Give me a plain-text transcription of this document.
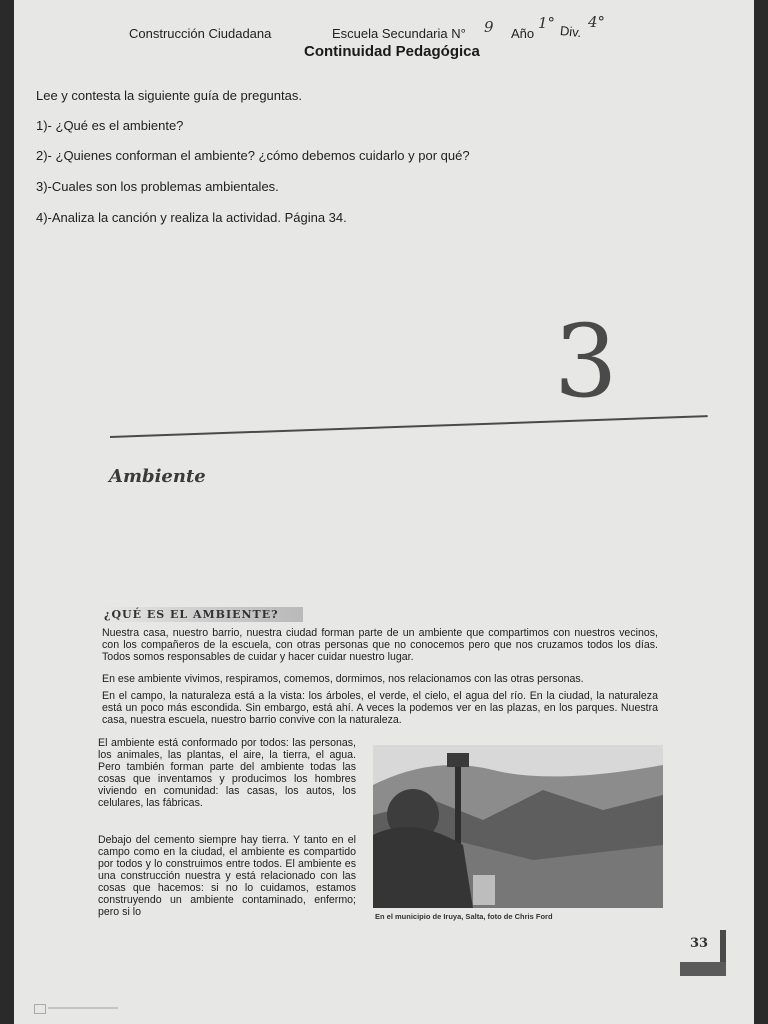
Construcción Ciudadana	Escuela Secundaria N° 9 Año
1° Div.
4°
Continuidad Pedagógica
Lee y contesta la siguiente guía de preguntas.
1)- ¿Qué es el ambiente?
2)- ¿Quienes conforman el ambiente? ¿cómo debemos cuidarlo y por qué?
3)-Cuales son los problemas ambientales.
4)-Analiza la canción y realiza la actividad. Página 34.
3
Ambiente
¿QUÉ ES EL AMBIENTE?
Nuestra casa, nuestro barrio, nuestra ciudad forman parte de un ambiente que compartimos con nuestros vecinos, con los compañeros de la escuela, con otras personas que no conocemos pero que nos cruzamos todos los días. Todos somos responsables de cuidar y hacer cuidar nuestro lugar.
En ese ambiente vivimos, respiramos, comemos, dormimos, nos relacionamos con las otras personas.
En el campo, la naturaleza está a la vista: los árboles, el verde, el cielo, el agua del río. En la ciudad, la naturaleza está un poco más escondida. Sin embargo, está ahí. A veces la podemos ver en las plazas, en los parques. Nuestra casa, nuestra escuela, nuestro barrio convive con la naturaleza.
El ambiente está conformado por todos: las personas, los animales, las plantas, el aire, la tierra, el agua. Pero también forman parte del ambiente todas las cosas que inventamos y producimos los hombres viviendo en comunidad: las casas, los autos, los celulares, las fábricas.
Debajo del cemento siempre hay tierra. Y tanto en el campo como en la ciudad, el ambiente es compartido por todos y lo construimos entre todos. El ambiente es una construcción nuestra y está relacionado con las cosas que hacemos: si no lo cuidamos, estamos construyendo un ambiente contaminado, enfermo; pero si lo	En el municipio de Iruya, Salta, foto de Chris Ford
33
